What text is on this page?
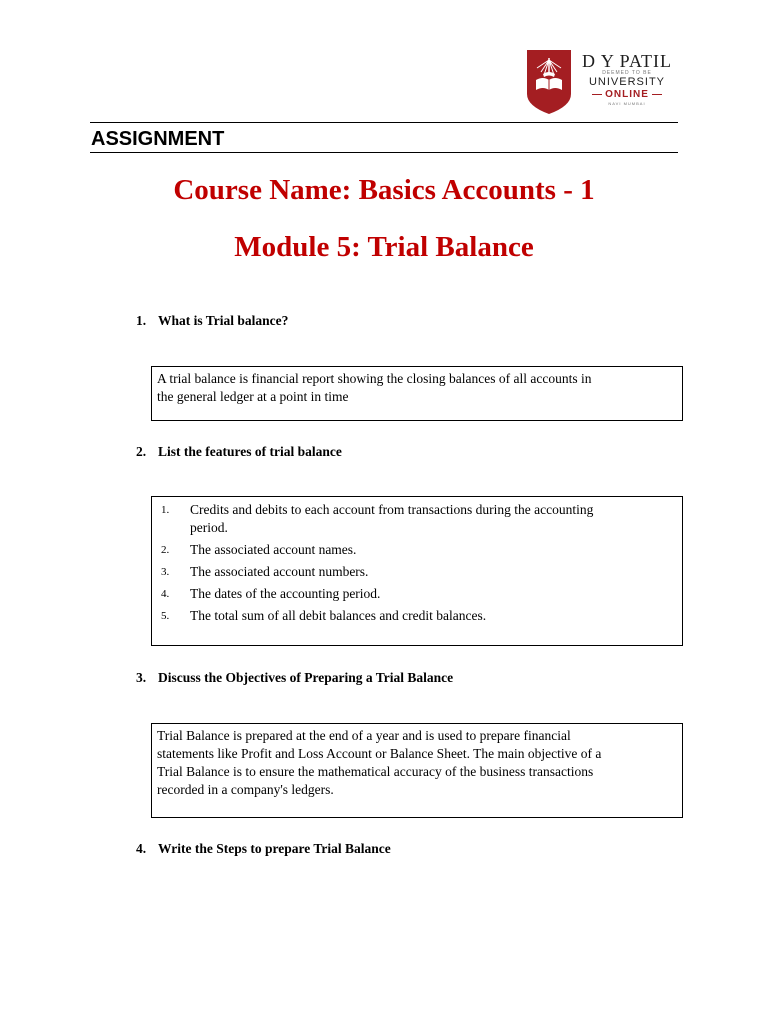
D Y PATIL
DEEMED TO BE
UNIVERSITY
ONLINE
NAVI MUMBAI
ASSIGNMENT
Course Name: Basics Accounts - 1
Module 5: Trial Balance
1. What is Trial balance?

A trial balance is financial report showing the closing balances of all accounts in

the general ledger at a point in time

2. List the features of trial balance
1.	Credits and debits to each account from transactions during the accounting
period.
2.	The associated account names.
3.	The associated account numbers.
4.	The dates of the accounting period.
5.	The total sum of all debit balances and credit balances.
3. Discuss the Objectives of Preparing a Trial Balance

Trial Balance is prepared at the end of a year and is used to prepare financial

statements like Profit and Loss Account or Balance Sheet. The main objective of a

Trial Balance is to ensure the mathematical accuracy of the business transactions

recorded in a company's ledgers.

4. Write the Steps to prepare Trial Balance
